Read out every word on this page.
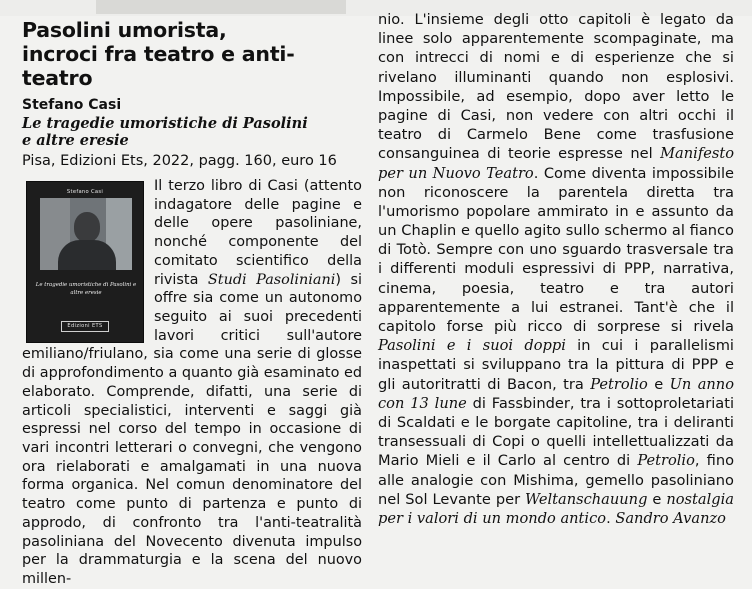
Pasolini umorista,
incroci fra teatro e anti-teatro

Stefano Casi

Le tragedie umoristiche di Pasolini
e altre eresie

Pisa, Edizioni Ets, 2022, pagg. 160, euro 16

Stefano Casi
Le tragedie umoristiche di Pasolini e altre eresie
Edizioni ETS
Il terzo libro di Casi (attento indagatore delle pagine e delle opere pasoliniane, nonché componente del comitato scientifico della rivista Studi Pasoliniani) si offre sia come un autonomo seguito ai suoi precedenti lavori critici sull'autore emiliano/friulano, sia come una serie di glosse di approfondimento a quanto già esaminato ed elaborato. Comprende, difatti, una serie di articoli specialistici, interventi e saggi già espressi nel corso del tempo in occasione di vari incontri letterari o convegni, che vengono ora rielaborati e amalgamati in una nuova forma organica. Nel comun denominatore del teatro come punto di partenza e punto di approdo, di confronto tra l'anti-teatralità pasoliniana del Novecento divenuta impulso per la drammaturgia e la scena del nuovo millen-

nio. L'insieme degli otto capitoli è legato da linee solo apparentemente scompaginate, ma con intrecci di nomi e di esperienze che si rivelano illuminanti quando non esplosivi. Impossibile, ad esempio, dopo aver letto le pagine di Casi, non vedere con altri occhi il teatro di Carmelo Bene come trasfusione consanguinea di teorie espresse nel Manifesto per un Nuovo Teatro. Come diventa impossibile non riconoscere la parentela diretta tra l'umorismo popolare ammirato in e assunto da un Chaplin e quello agito sullo schermo al fianco di Totò. Sempre con uno sguardo trasversale tra i differenti moduli espressivi di PPP, narrativa, cinema, poesia, teatro e tra autori apparentemente a lui estranei. Tant'è che il capitolo forse più ricco di sorprese si rivela Pasolini e i suoi doppi in cui i parallelismi inaspettati si sviluppano tra la pittura di PPP e gli autoritratti di Bacon, tra Petrolio e Un anno con 13 lune di Fassbinder, tra i sottoproletariati di Scaldati e le borgate capitoline, tra i deliranti transessuali di Copi o quelli intellettualizzati da Mario Mieli e il Carlo al centro di Petrolio, fino alle analogie con Mishima, gemello pasoliniano nel Sol Levante per Weltanschauung e nostalgia per i valori di un mondo antico. Sandro Avanzo
